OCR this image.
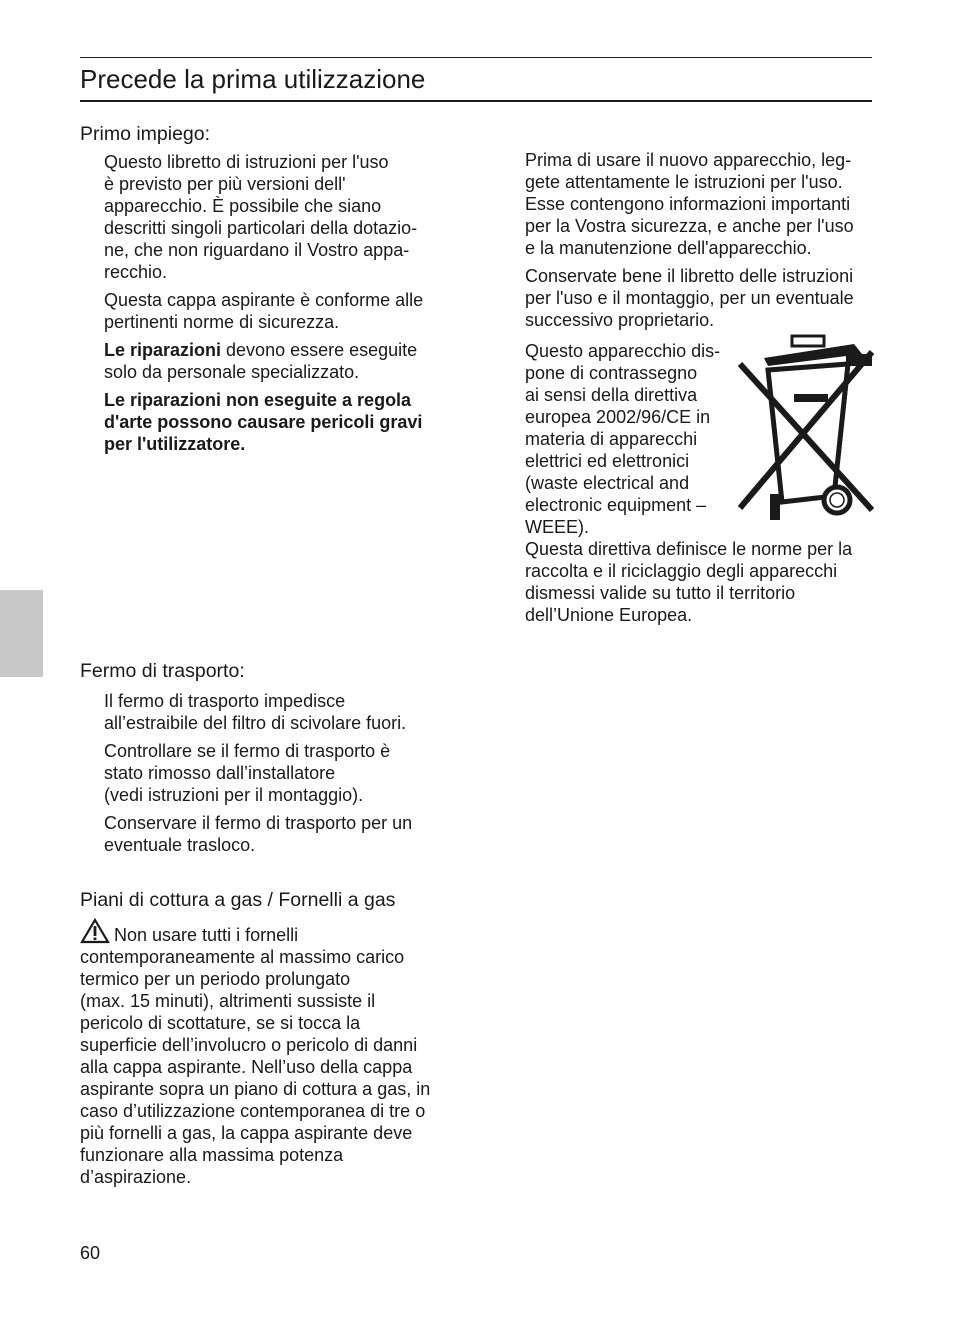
Precede la prima utilizzazione
Primo impiego:

Questo libretto di istruzioni per l'uso
è previsto per più versioni dell'
apparecchio. È possibile che siano
descritti singoli particolari della dotazio-
ne, che non riguardano il Vostro appa-
recchio.

Questa cappa aspirante è conforme alle
pertinenti norme di sicurezza.

Le riparazioni devono essere eseguite
solo da personale specializzato.

Le riparazioni non eseguite a regola
d'arte possono causare pericoli gravi
per l'utilizzatore.

Prima di usare il nuovo apparecchio, leg-
gete attentamente le istruzioni per l'uso.
Esse contengono informazioni importanti
per la Vostra sicurezza, e anche per l'uso
e la manutenzione dell'apparecchio.

Conservate bene il libretto delle istruzioni
per l'uso e il montaggio, per un eventuale
successivo proprietario.

Questo apparecchio dis-
pone di contrassegno
ai sensi della direttiva
europea 2002/96/CE in
materia di apparecchi
elettrici ed elettronici
(waste electrical and
electronic equipment –
WEEE).
Questa direttiva definisce le norme per la
raccolta e il riciclaggio degli apparecchi
dismessi valide su tutto il territorio
dell’Unione Europea.
Fermo di trasporto:

Il fermo di trasporto impedisce
all’estraibile del filtro di scivolare fuori.

Controllare se il fermo di trasporto è
stato rimosso dall’installatore
(vedi istruzioni per il montaggio).

Conservare il fermo di trasporto per un
eventuale trasloco.

Piani di cottura a gas / Fornelli a gas
Non usare tutti i fornelli
contemporaneamente al massimo carico
termico per un periodo prolungato
(max. 15 minuti), altrimenti sussiste il
pericolo di scottature, se si tocca la
superficie dell’involucro o pericolo di danni
alla cappa aspirante. Nell’uso della cappa
aspirante sopra un piano di cottura a gas, in
caso d’utilizzazione contemporanea di tre o
più fornelli a gas, la cappa aspirante deve
funzionare alla massima potenza
d’aspirazione.
60
